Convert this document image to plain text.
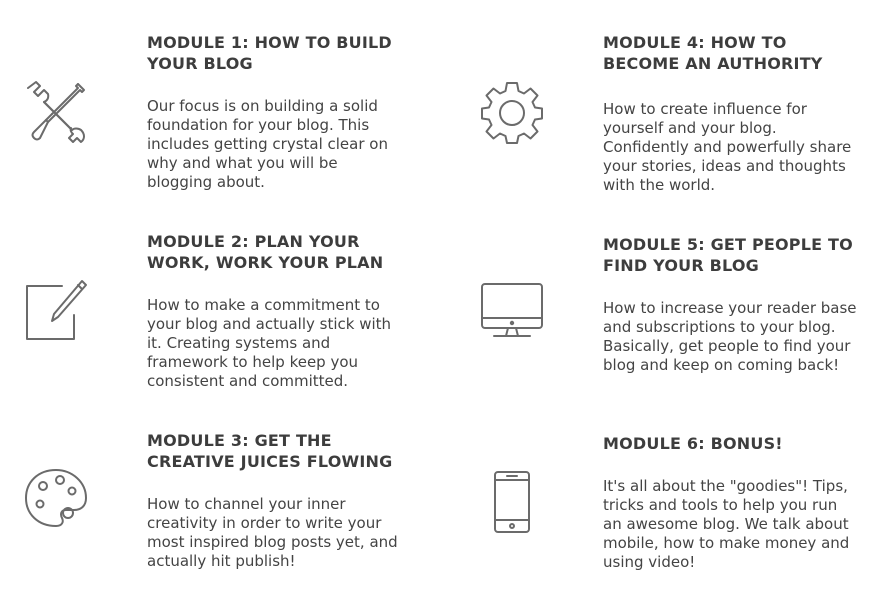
MODULE 1: HOW TO BUILD YOUR BLOG

Our focus is on building a solid foundation for your blog. This includes getting crystal clear on why and what you will be blogging about.

MODULE 2: PLAN YOUR WORK, WORK YOUR PLAN

How to make a commitment to your blog and actually stick with it. Creating systems and framework to help keep you consistent and committed.

MODULE 3: GET THE CREATIVE JUICES FLOWING

How to channel your inner creativity in order to write your most inspired blog posts yet, and actually hit publish!

MODULE 4: HOW TO BECOME AN AUTHORITY

How to create influence for yourself and your blog. Confidently and powerfully share your stories, ideas and thoughts with the world.

MODULE 5: GET PEOPLE TO FIND YOUR BLOG

How to increase your reader base and subscriptions to your blog. Basically, get people to find your blog and keep on coming back!

MODULE 6: BONUS!

It's all about the "goodies"! Tips, tricks and tools to help you run an awesome blog. We talk about mobile, how to make money and using video!
